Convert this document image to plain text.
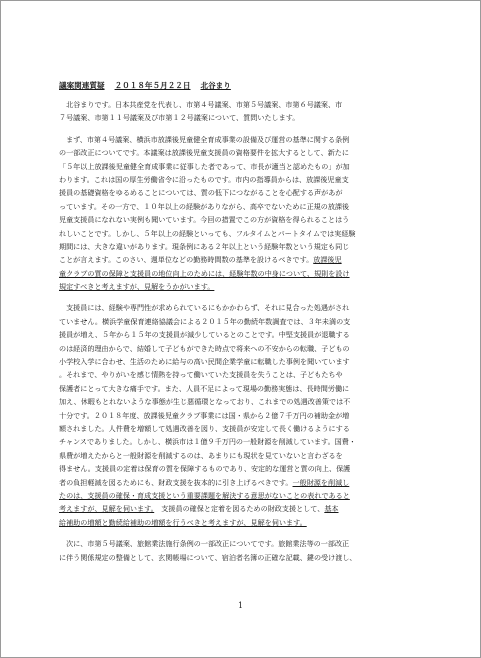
議案関連質疑 ２０１８年５月２２日 北谷まり
　北谷まりです。日本共産党を代表し、市第４号議案、市第５号議案、市第６号議案、市
７号議案、市第１１号議案及び市第１２号議案について、質問いたします。
　まず、市第４号議案、横浜市放課後児童健全育成事業の設備及び運営の基準に関する条例
の一部改正についてです。本議案は放課後児童支援員の資格要件を拡大するとして、新たに
「５年以上放課後児童健全育成事業に従事した者であって、市長が適当と認めたもの」が加
わります。これは国の厚生労働省令に沿ったものです。市内の指導員からは、放課後児童支
援員の基礎資格をゆるめることについては、質の低下につながることを心配する声があが
っています。その一方で、１０年以上の経験がありながら、高卒でないために正規の放課後
児童支援員になれない実例も聞いています。今回の措置でこの方が資格を得られることはう
れしいことです。しかし、５年以上の経験といっても、フルタイムとパートタイムでは実経験
期間には、大きな違いがあります。現条例にある２年以上という経験年数という規定も同じ
ことが言えます。このさい、週単位などの勤務時間数の基準を設けるべきです。放課後児
童クラブの質の保障と支援員の地位向上のためには、経験年数の中身について、規則を設け
規定すべきと考えますが、見解をうかがいます。
　支援員には、経験や専門性が求められているにもかかわらず、それに見合った処遇がされ
ていません。横浜学童保育連絡協議会による２０１５年の勤続年数調査では、３年未満の支
援員が増え、５年から１５年の支援員が減少しているとのことです。中堅支援員が退職する
のは経済的理由からで、結婚して子どもができた時点で将来への不安からの転職、子どもの
小学校入学に合わせ、生活のために給与の高い民間企業学童に転職した事例を聞いています
。それまで、やりがいを感じ情熱を持って働いていた支援員を失うことは、子どもたちや
保護者にとって大きな痛手です。また、人員不足によって現場の勤務実態は、長時間労働に
加え、休暇もとれないような事態が生じ悪循環となっており、これまでの処遇改善策では不
十分です。２０１８年度、放課後児童クラブ事業には国・県から２億７千万円の補助金が増
額されました。人件費を増額して処遇改善を図り、支援員が安定して長く働けるようにする
チャンスでありました。しかし、横浜市は１億９千万円の一般財源を削減しています。国費・
県費が増えたからと一般財源を削減するのは、あまりにも現状を見ていないと言わざるを
得ません。支援員の定着は保育の質を保障するものであり、安定的な運営と質の向上、保護
者の負担軽減を図るためにも、財政支援を抜本的に引き上げるべきです。一般財源を削減し
たのは、支援員の確保・育成支援という重要課題を解決する意思がないことの表れであると
考えますが、見解を伺います。　支援員の確保と定着を図るための財政支援として、基本
給補助の増額と勤続給補助の増額を行うべきと考えますが、見解を伺います。
　次に、市第５号議案、旅館業法施行条例の一部改正についてです。旅館業法等の一部改正
に伴う関係規定の整備として、玄関帳場について、宿泊者名簿の正確な記載、鍵の受け渡し、
1
